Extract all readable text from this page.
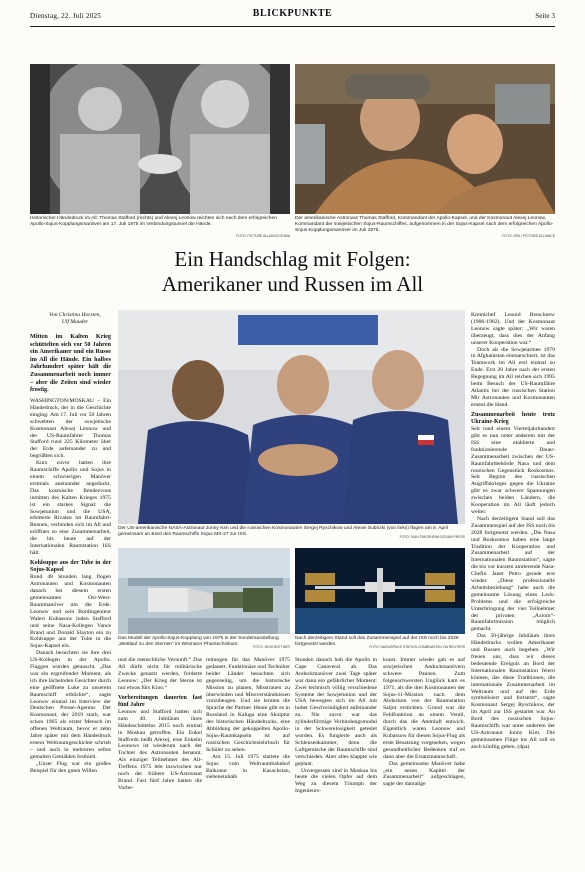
Dienstag, 22. Juli 2025	BLICKPUNKTE	Seite 3
Historischer Händedruck im All: Thomas Stafford (rechts) und Alexej Leonow reichten sich nach dem erfolgreichen Apollo-Sojus-Kopplungsmanöver am 17. Juli 1975 im Verbindungstunnel die Hände.
FOTO: PICTURE ALLIANCE/ZUMA
Der amerikanische Astronaut Thomas Stafford, Kommandant der Apollo-Kapsel, und der Kosmonaut Alexej Leonow, Kommandant der sowjetischen Sojus-Raumschiffes, aufgenommen in der Sojus-Kapsel nach dem erfolgreichen Apollo-Sojus-Kopplungsmanöver im Juli 1975.
FOTO: DPA / PICTURE ALLIANCE
Ein Handschlag mit Folgen:
Amerikaner und Russen im All
Von Christina Horsten,
Ulf Mauder
Mitten im Kalten Krieg schüttelten sich vor 50 Jahren ein Amerikaner und ein Russe im All die Hände. Ein halbes Jahrhundert später hält die Zusammenarbeit noch immer – aber die Zeiten sind wieder frostig.

WASHINGTON/MOSKAU – Ein Händedruck, der in die Geschichte einging: Am 17. Juli vor 50 Jahren schwebten der sowjetische Kosmonaut Alexej Leonow und der US-Raumfahrer Thomas Stafford rund 225 Kilometer über der Erde aufeinander zu und begrüßten sich.

Kurz zuvor hatten ihre Raumschiffe Apollo und Sojus in einem schwierigen Manöver erstmals aneinander angedockt. Das kosmische Rendezvous inmitten des Kalten Krieges 1975 ist ein starkes Signal: die Sowjetunion und die USA, erbitterte Rivalen im Raumfahrt-Rennen, verbinden sich im All und eröffnen so eine Zusammenarbeit, die bis heute auf der Internationalen Raumstation ISS hält.

Kohlsuppe aus der Tube in der Sojus-Kapsel

Rund 48 Stunden lang flogen Astronauten und Kosmonauten danach bei diesem ersten gemeinsamen Ost-West-Raummanöver um die Erde. Leonow und sein Bordingenieur Waleri Kubassow luden Stafford und seine Nasa-Kollegen Vance Brand und Donald Slayton ein zu Kohlsuppe aus der Tube in die Sojus-Kapsel ein.

Danach besuchten sie ihre drei US-Kollegen in der Apollo. Flaggen wurden getauscht. „Das war ein ergreifender Moment, als ich ihre lächelnden Gesichter durch eine geöffnete Luke zu unserem Raumschiff erblickte“, sagte Leonow einmal im Interview der Deutschen Presse-Agentur. Der Kosmonaut, der 2019 starb, war schon 1965 als erster Mensch im offenen Weltraum, bevor er zehn Jahre später mit dem Händedruck erneut Weltraumgeschichte schrieb – und auch in mehreren selbst gemalten Gemälden festhielt.

„Unser Flug war ein großes Beispiel für den guten Willen

Der US-amerikanische NASA-Astronaut Jonny Kim und die russischen Kosmonauten Sergej Ryschikow und Alexei Subrizki (von links) flogen am 8. April gemeinsam an Bord des Raumschiffs Sojus MS-27 zur ISS.	FOTO: IVAN TIMOSHENKO/ZUMA PRESS
Das Modell der Apollo-Sojus-Kopplung von 1975 in der Sonderausstellung „Wettlauf zu den Sternen“ im Wismarer Phantechnikum.	FOTO: JENS BÜTTNER
Nach derzeitigem Stand soll das Zusammenspiel auf der ISS noch bis 2028 fortgesetzt werden.	FOTO: NASA/SPACE STATION COMBINATION VIA REUTERS

und die menschliche Vernunft.“ Das All dürfe nicht für militärische Zwecke genutzt werden, forderte Leonow: „Der Krieg der Sterne ist nur etwas fürs Kino.“

Vorbereitungen dauerten fast fünf Jahre

Leonow und Stafford hatten sich zum 40. Jubiläum ihres Händeschüttelns 2015 noch einmal in Moskau getroffen. Ein Enkel Staffords heißt Alexej, eine Enkelin Leonows ist wiederum nach der Tochter des Astronauten benannt. Als einziger Teilnehmer des All-Treffens 1975 lebt inzwischen nur noch der frühere US-Astronaut Brand. Fast fünf Jahre hatten die Vorbe-

reitungen für das Manöver 1975 gedauert. Funktionäre und Techniker beider Länder besuchten sich gegenseitig, um die historische Mission zu planen, Misstrauen zu überwinden und Missverständnissen vorzubeugen. Und sie lernten die Sprache der Partner. Heute gibt es in Russland in Kaluga eine Skulptur des historischen Händedrucks, eine Abbildung der gekoppelten Apollo-Sojus-Raumkapseln ist auf russischen Geschichtslehrbuch für Schüler zu sehen.

Am 15. Juli 1975 startete die Sojus vom Weltraumbahnhof Baikonur in Kasachstan, siebeneinhalb

Stunden danach hob die Apollo in Cape Canaveral ab. Das Andockmanöver zwei Tage später war dann ein gefährlicher Moment: Zwei technisch völlig verschiedene Systeme der Sowjetunion und der USA bewegten sich im All mit hoher Geschwindigkeit aufeinander zu. Nie zuvor war das zylinderförmige Verbindungsmodul in der Schwerelosigkeit getestet worden. Es fungierte auch als Schleusenkammer, denn die Luftgemische der Raumschiffe sind verschieden. Aber alles klappte wie geplant.

Unvergessen sind in Moskau bis heute die vielen Opfer auf dem Weg zu diesem Triumph der Ingenieurs-

kunst. Immer wieder gab es auf sowjetischen Andockmanövern schwere Pannen. Zum folgenschwersten Unglück kam es 1971, als die drei Kosmonauten der Sojus-11-Mission nach dem Abdocken von der Raumstation Saljut erstickten. Grund war die Fehlfunktion an einem Ventil, durch das die Atemluft entwich. Eigentlich waren Leonow und Kubassow für diesen Sojus-Flug als erste Besatzung vorgesehen, wegen gesundheitlicher Bedenken traf es dann aber die Ersatzmannschaft.

Das gemeinsame Manöver habe „ein neues Kapitel der Zusammenarbeit“ aufgeschlagen, sagte der damalige

Kremlchef Leonid Breschnew (1906-1982). Und der Kosmonaut Leonow sagte später: „Wir waren überzeugt, dass dies der Anfang unserer Kooperation war.“

Doch als die Sowjetarmee 1979 in Afghanistan einmarschiert, ist das Teamwork im All erst einmal zu Ende. Erst 20 Jahre nach der ersten Begegnung im All reichen sich 1995 beim Besuch der US-Raumfähre Atlantis bei der russischen Station Mir Astronauten und Kosmonauten erneut die Hand.

Zusammenarbeit heute trotz Ukraine-Krieg

Seit rund einem Vierteljahrhundert gibt es nun unter anderem mit der ISS eine etablierte und funktionierende Dauer-Zusammenarbeit zwischen der US-Raumfahrtbehörde Nasa und dem russischen Gegenstück Roskosmos. Seit Beginn des russischen Angriffskrieges gegen die Ukraine gibt es zwar schwere Spannungen zwischen beiden Ländern, die Kooperation im All läuft jedoch weiter.

Nach derzeitigem Stand soll das Zusammenspiel auf der ISS noch bis 2028 fortgesetzt werden. „Die Nasa und Roskosmos haben eine lange Tradition der Kooperation und Zusammenarbeit auf der Internationalen Raumstation“, sagte die bis vor kurzem amtierende Nasa-Chefin Janet Petro gerade erst wieder. „Diese professionelle Arbeitsbeziehung“ habe auch die gemeinsame Lösung eines Leck-Problems und die erfolgreiche Unterbringung der vier Teilnehmer der privaten „Axiom“-Raumfahrtmission möglich gemacht.

Das 50-jährige Jubiläum ihres Händedrucks wollen Amerikaner und Russen auch begehen. „Wir freuen uns, dass wir dieses bedeutende Ereignis an Bord der Internationalen Raumstation feiern können, das diese Traditionen, die internationale Zusammenarbeit im Weltraum und auf der Erde symbolisiert und fortsetzt“, sagte Kosmonaut Sergej Ryschikow, der im April zur ISS gestartet war. An Bord des russischen Sojus-Raumschiffs war unter anderem der US-Astronaut Jonny Kim. Die gemeinsamen Flüge ins All soll es auch künftig geben. (dpa)
